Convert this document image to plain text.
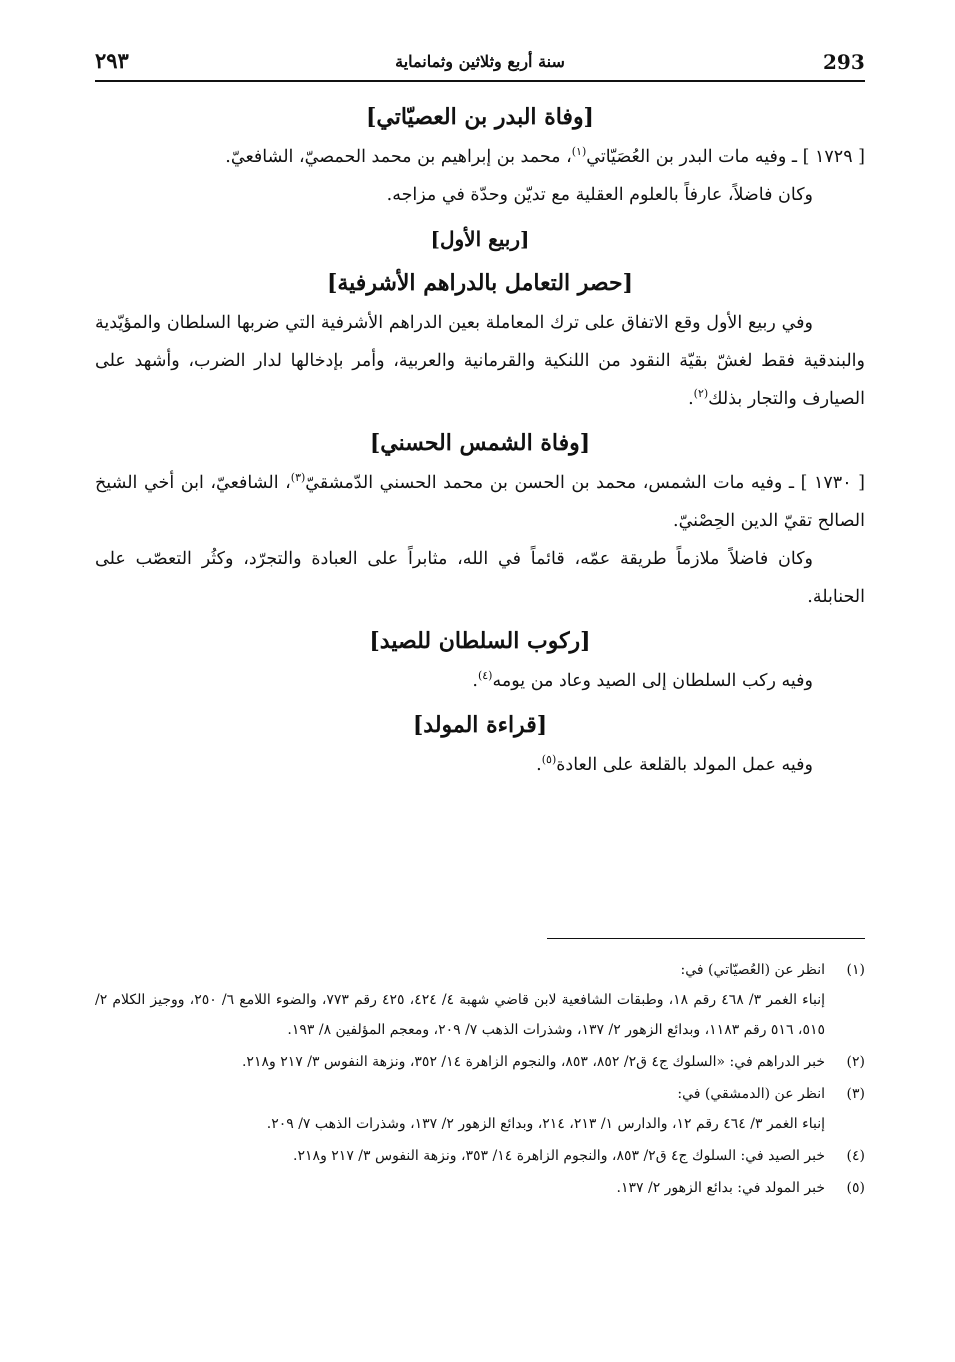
293
سنة أربع وثلاثين وثمانماية
٢٩٣
[وفاة البدر بن العصيّاتي]

[ ١٧٢٩ ] ـ وفيه مات البدر بن العُصَيّاتي$^{(١)}$، محمد بن إبراهيم بن محمد الحمصيّ، الشافعيّ.

وكان فاضلاً، عارفاً بالعلوم العقلية مع تديّن وحدّة في مزاجه.

[ربيع الأول]
[حصر التعامل بالدراهم الأشرفية]

وفي ربيع الأول وقع الاتفاق على ترك المعاملة بعين الدراهم الأشرفية التي ضربها السلطان والمؤيّدية والبندقية فقط لغشّ بقيّة النقود من اللنكية والقرمانية والعربية، وأمر بإدخالها لدار الضرب، وأشهد على الصيارف والتجار بذلك$^{(٢)}$.

[وفاة الشمس الحسني]

[ ١٧٣٠ ] ـ وفيه مات الشمس، محمد بن الحسن بن محمد الحسني الدّمشقيّ$^{(٣)}$، الشافعيّ، ابن أخي الشيخ الصالح تقيّ الدين الحِصْنيّ.

وكان فاضلاً ملازماً طريقة عمّه، قائماً في الله، مثابراً على العبادة والتجرّد، وكثُر التعصّب على الحنابلة.

[ركوب السلطان للصيد]

وفيه ركب السلطان إلى الصيد وعاد من يومه$^{(٤)}$.

[قراءة المولد]

وفيه عمل المولد بالقلعة على العادة$^{(٥)}$.

(١)
انظر عن (العُصيّاتي) في:
إنباء الغمر ٣/ ٤٦٨ رقم ١٨، وطبقات الشافعية لابن قاضي شهبة ٤/ ٤٢٤، ٤٢٥ رقم ٧٧٣، والضوء اللامع ٦/ ٢٥٠، ووجيز الكلام ٢/ ٥١٥، ٥١٦ رقم ١١٨٣، وبدائع الزهور ٢/ ١٣٧، وشذرات الذهب ٧/ ٢٠٩، ومعجم المؤلفين ٨/ ١٩٣.
(٢)
خبر الدراهم في: «السلوك ج٤ ق٢/ ٨٥٢، ٨٥٣، والنجوم الزاهرة ١٤/ ٣٥٢، ونزهة النفوس ٣/ ٢١٧ و٢١٨.
(٣)
انظر عن (الدمشقي) في:
إنباء الغمر ٣/ ٤٦٤ رقم ١٢، والدارس ١/ ٢١٣، ٢١٤، وبدائع الزهور ٢/ ١٣٧، وشذرات الذهب ٧/ ٢٠٩.
(٤)
خبر الصيد في: السلوك ج٤ ق٢/ ٨٥٣، والنجوم الزاهرة ١٤/ ٣٥٣، ونزهة النفوس ٣/ ٢١٧ و٢١٨.
(٥)
خبر المولد في: بدائع الزهور ٢/ ١٣٧.
